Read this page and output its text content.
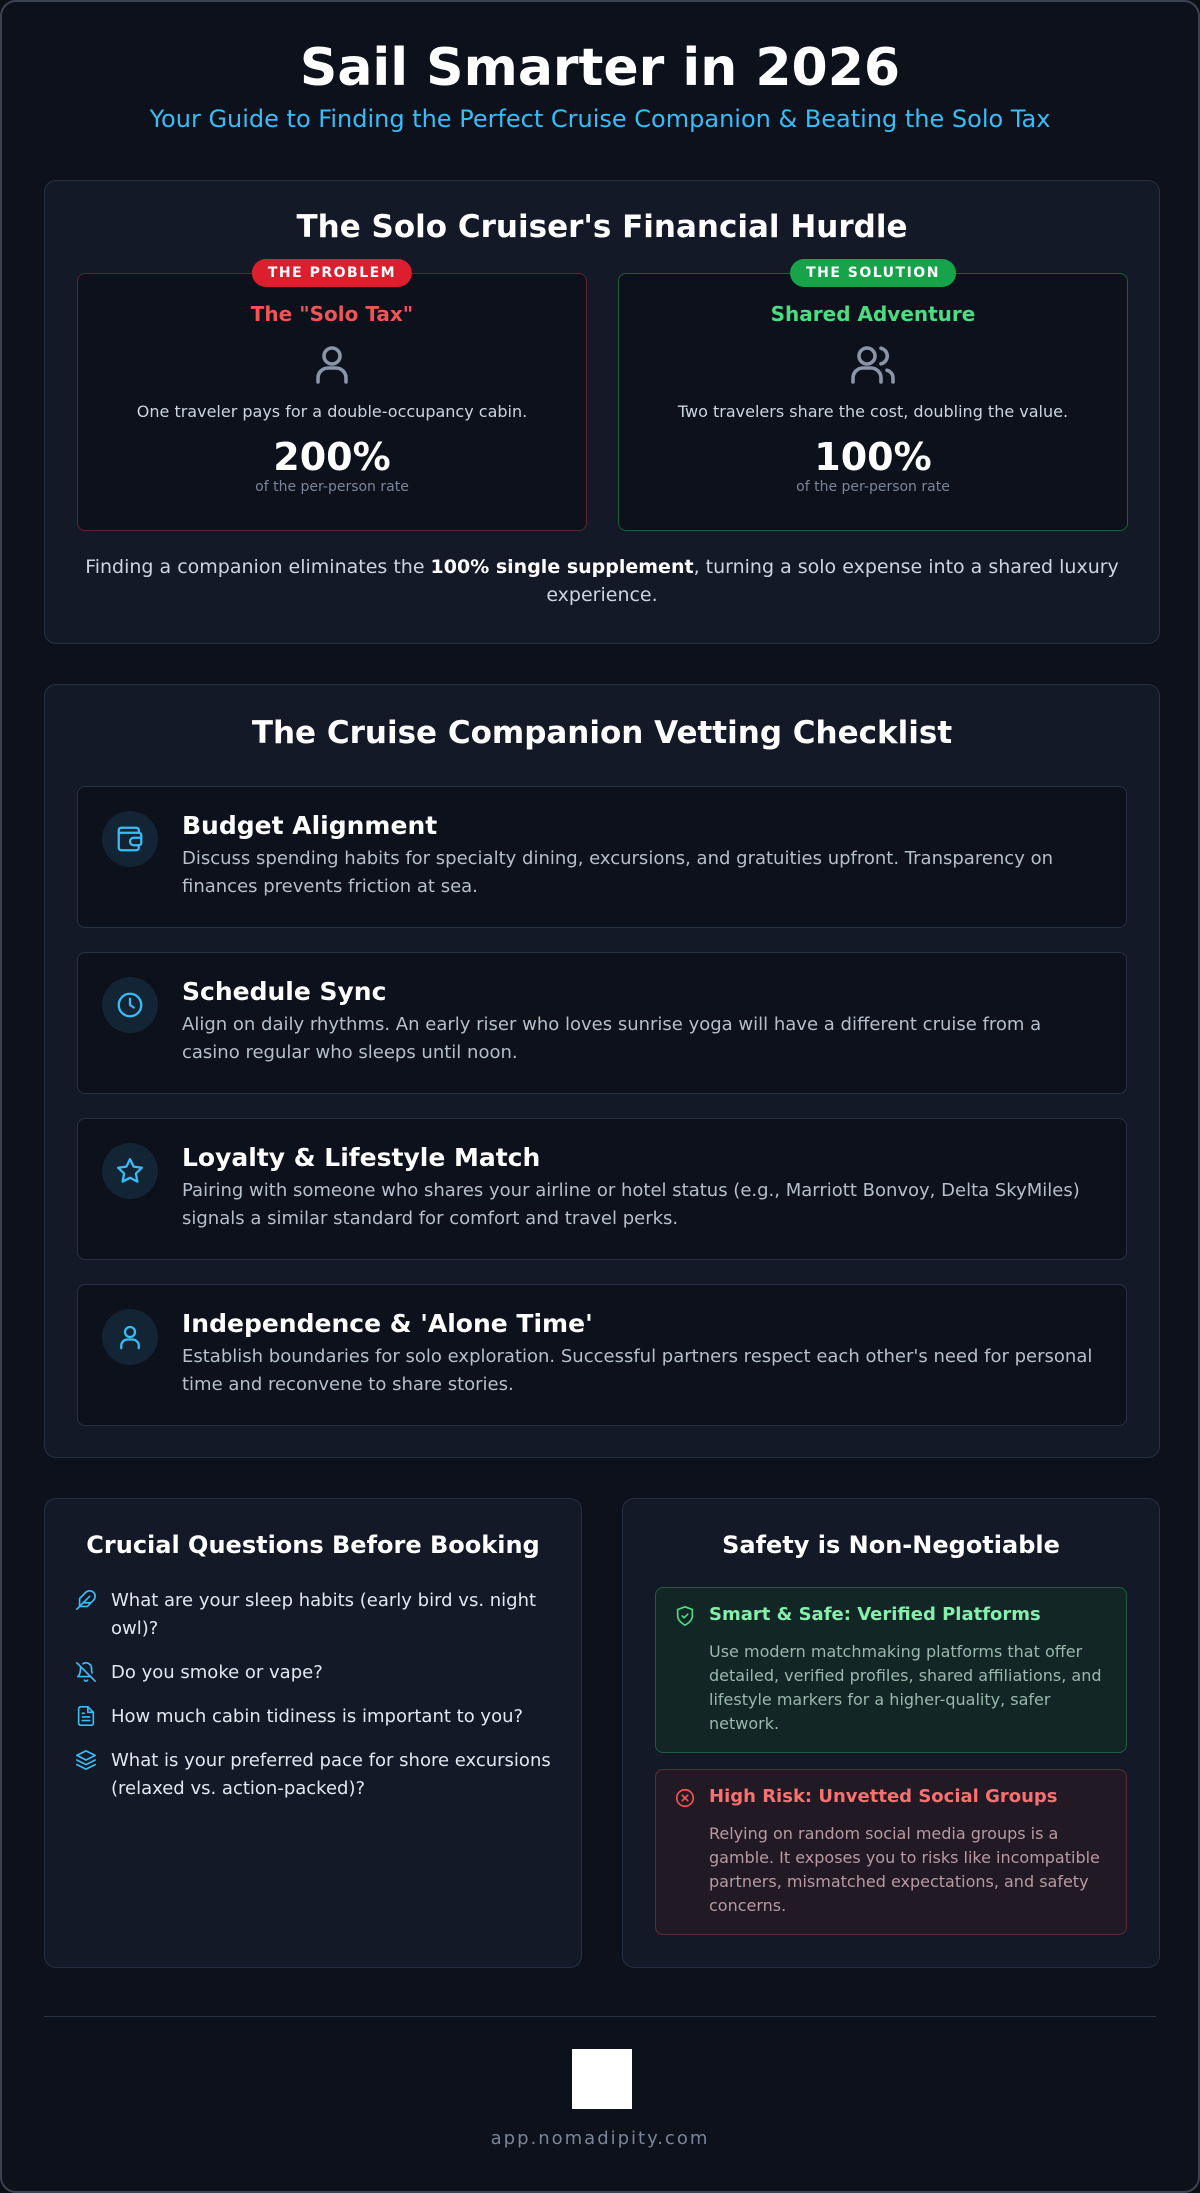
Sail Smarter in 2026
Your Guide to Finding the Perfect Cruise Companion & Beating the Solo Tax
The Solo Cruiser's Financial Hurdle
THE PROBLEM
The "Solo Tax"
One traveler pays for a double-occupancy cabin.
200%
of the per-person rate
THE SOLUTION
Shared Adventure
Two travelers share the cost, doubling the value.
100%
of the per-person rate
Finding a companion eliminates the 100% single supplement, turning a solo expense into a shared luxury experience.
The Cruise Companion Vetting Checklist
Budget Alignment
Discuss spending habits for specialty dining, excursions, and gratuities upfront. Transparency on finances prevents friction at sea.
Schedule Sync
Align on daily rhythms. An early riser who loves sunrise yoga will have a different cruise from a casino regular who sleeps until noon.
Loyalty & Lifestyle Match
Pairing with someone who shares your airline or hotel status (e.g., Marriott Bonvoy, Delta SkyMiles) signals a similar standard for comfort and travel perks.
Independence & 'Alone Time'
Establish boundaries for solo exploration. Successful partners respect each other's need for personal time and reconvene to share stories.
Crucial Questions Before Booking
What are your sleep habits (early bird vs. night owl)?
Do you smoke or vape?
How much cabin tidiness is important to you?
What is your preferred pace for shore excursions (relaxed vs. action-packed)?
Safety is Non-Negotiable
Smart & Safe: Verified Platforms
Use modern matchmaking platforms that offer detailed, verified profiles, shared affiliations, and lifestyle markers for a higher-quality, safer network.
High Risk: Unvetted Social Groups
Relying on random social media groups is a gamble. It exposes you to risks like incompatible partners, mismatched expectations, and safety concerns.
app.nomadipity.com
